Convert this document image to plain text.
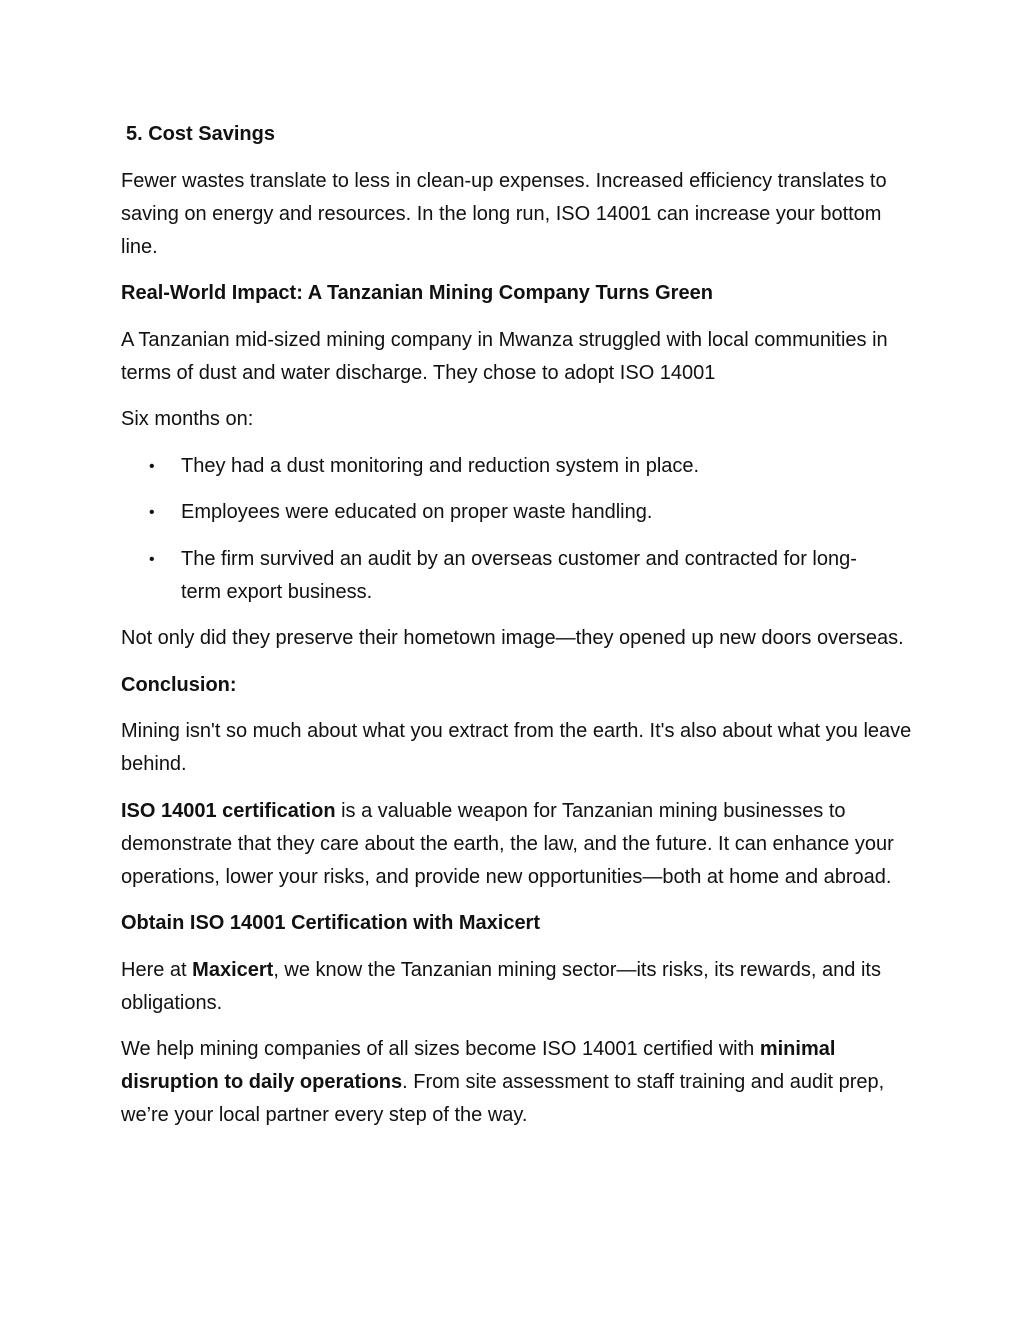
5. Cost Savings

Fewer wastes translate to less in clean-up expenses. Increased efficiency translates to saving on energy and resources. In the long run, ISO 14001 can increase your bottom line.

Real-World Impact: A Tanzanian Mining Company Turns Green

A Tanzanian mid-sized mining company in Mwanza struggled with local communities in terms of dust and water discharge. They chose to adopt ISO 14001

Six months on:

• They had a dust monitoring and reduction system in place.
• Employees were educated on proper waste handling.
• The firm survived an audit by an overseas customer and contracted for long-term export business.

Not only did they preserve their hometown image—they opened up new doors overseas.

Conclusion:

Mining isn't so much about what you extract from the earth. It's also about what you leave behind.

ISO 14001 certification is a valuable weapon for Tanzanian mining businesses to demonstrate that they care about the earth, the law, and the future. It can enhance your operations, lower your risks, and provide new opportunities—both at home and abroad.

Obtain ISO 14001 Certification with Maxicert

Here at Maxicert, we know the Tanzanian mining sector—its risks, its rewards, and its obligations.

We help mining companies of all sizes become ISO 14001 certified with minimal disruption to daily operations. From site assessment to staff training and audit prep, we’re your local partner every step of the way.
